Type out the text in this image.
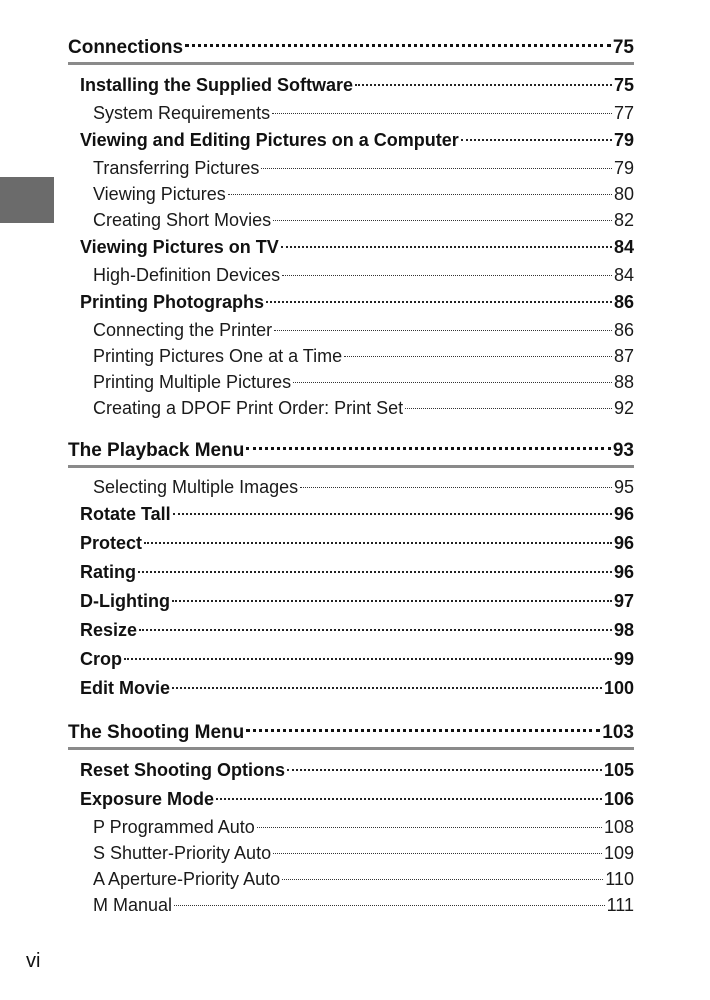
Connections	75
Installing the Supplied Software	75
System Requirements	77
Viewing and Editing Pictures on a Computer	79
Transferring Pictures	79
Viewing Pictures	80
Creating Short Movies	82
Viewing Pictures on TV	84
High-Definition Devices	84
Printing Photographs	86
Connecting the Printer	86
Printing Pictures One at a Time	87
Printing Multiple Pictures	88
Creating a DPOF Print Order: Print Set	92
The Playback Menu	93
Selecting Multiple Images	95
Rotate Tall	96
Protect	96
Rating	96
D-Lighting	97
Resize	98
Crop	99
Edit Movie	100
The Shooting Menu	103
Reset Shooting Options	105
Exposure Mode	106
P Programmed Auto	108
S Shutter-Priority Auto	109
A Aperture-Priority Auto	110
M Manual	111
vi
